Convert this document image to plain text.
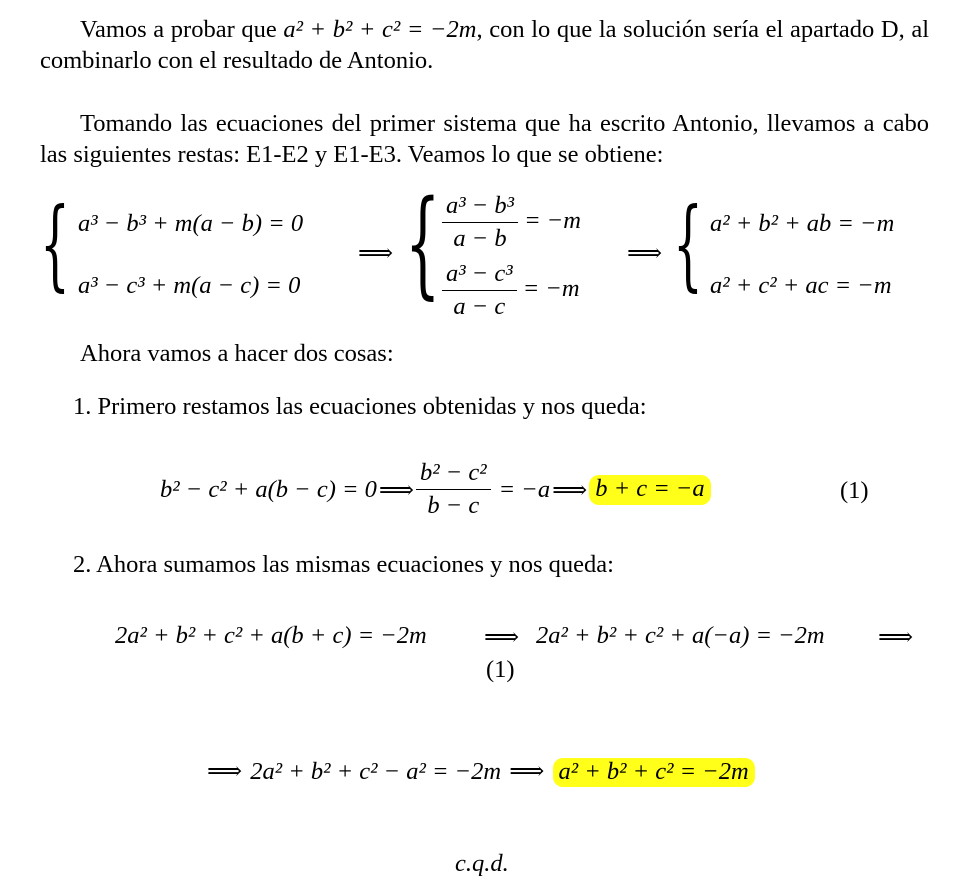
Vamos a probar que a² + b² + c² = −2m, con lo que la solución sería el apartado D, al combinarlo con el resultado de Antonio.
Tomando las ecuaciones del primer sistema que ha escrito Antonio, llevamos a cabo las siguientes restas: E1-E2 y E1-E3. Veamos lo que se obtiene:
{ a³ − b³ + m(a − b) = 0
a³ − c³ + m(a − c) = 0
⟹ { $\frac{\text{a³ − b³}}{a - b} = -m$
$\frac{\text{a³ − c³}}{a - c} = -m$
⟹ { a² + b² + ab = −m
a² + c² + ac = −m
Ahora vamos a hacer dos cosas:
1. Primero restamos las ecuaciones obtenidas y nos queda:
b² − c² + a(b − c) = 0 ⟹ $\frac{\text{b² − c²}}{b - c} = -a$ ⟹ b + c = −a	(1)
2. Ahora sumamos las mismas ecuaciones y nos queda:
2a² + b² + c² + a(b + c) = −2m ⟹
(1)
2a² + b² + c² + a(−a) = −2m ⟹
⟹ 2a² + b² + c² − a² = −2m ⟹ a² + b² + c² = −2m
c.q.d.
